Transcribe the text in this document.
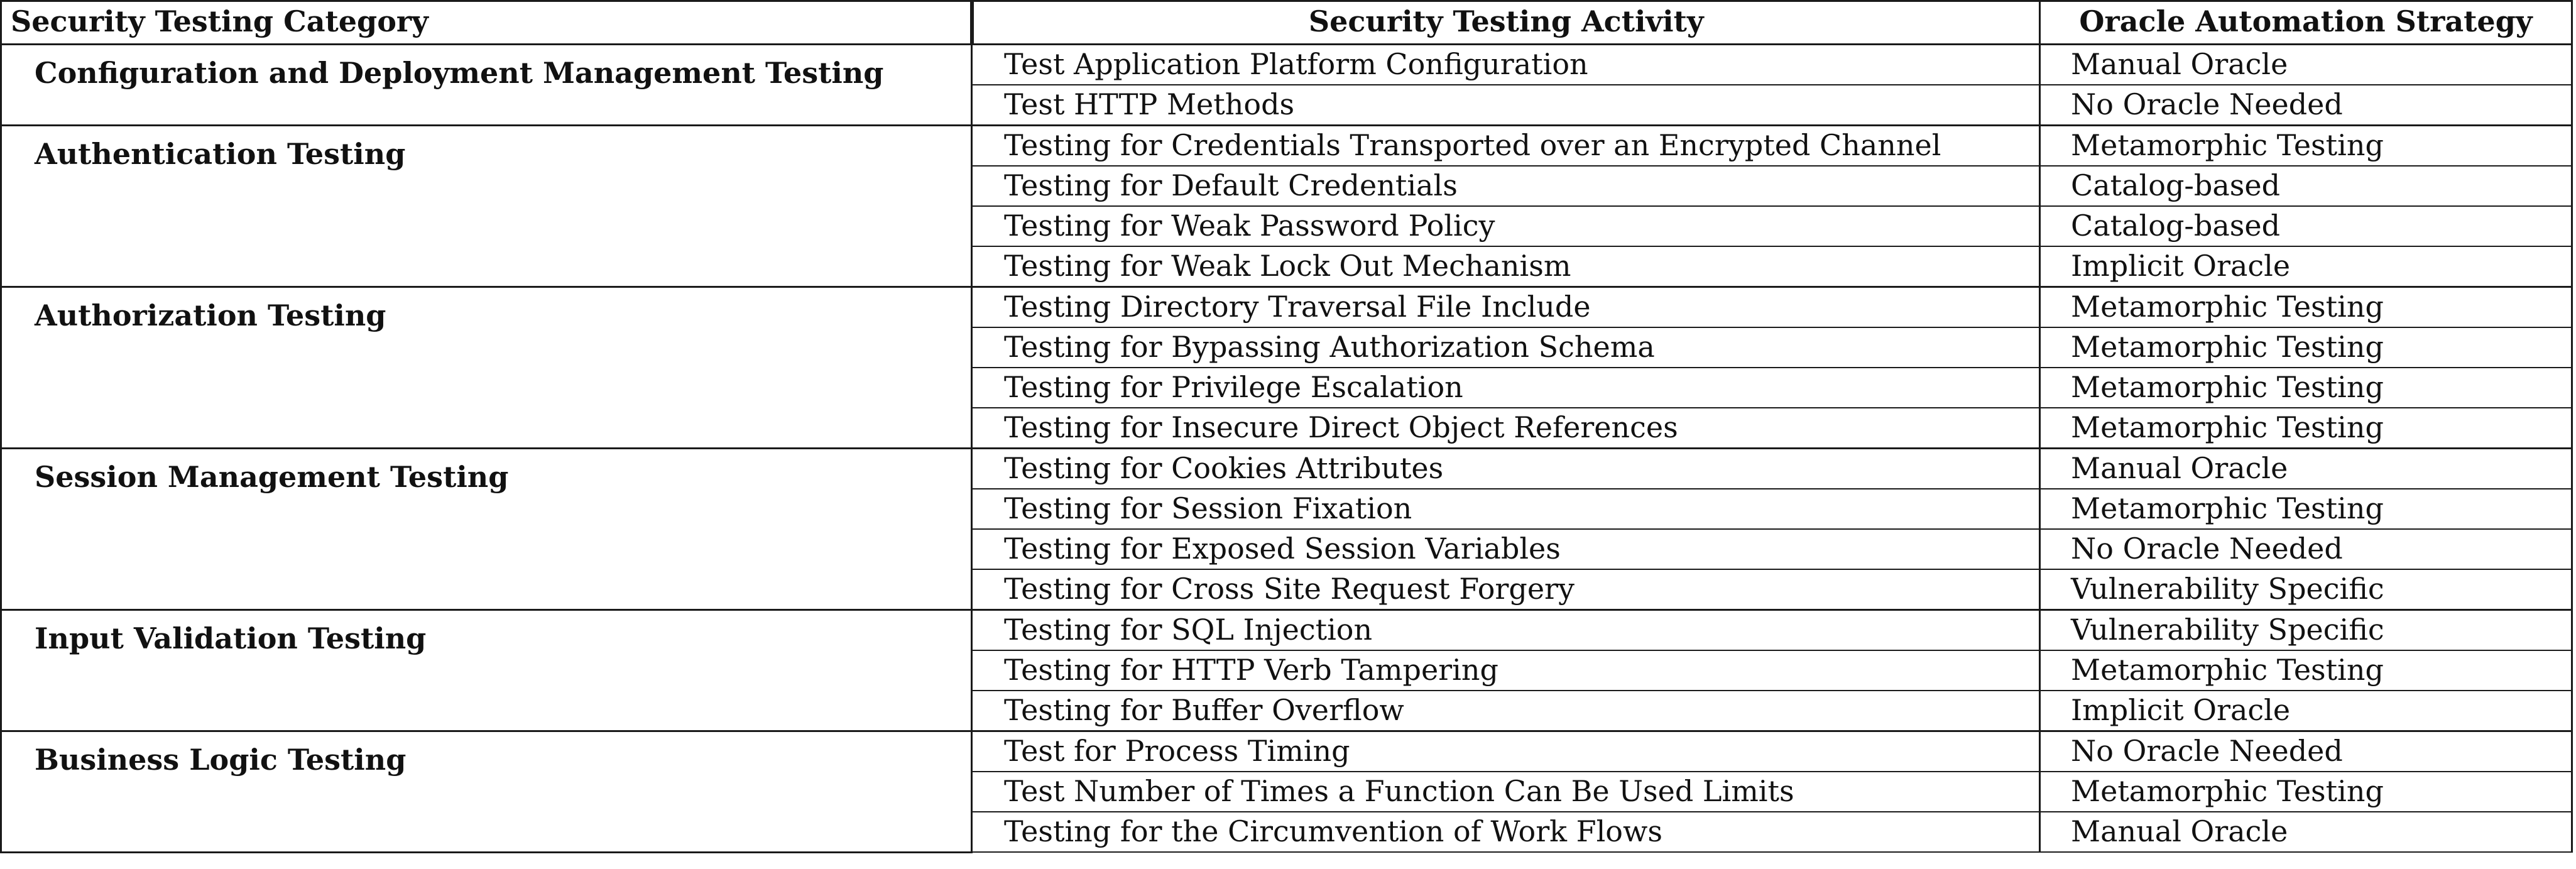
Security Testing Category	Security Testing Activity	Oracle Automation Strategy
Configuration and Deployment Management Testing	Test Application Platform Configuration	Manual Oracle
	Test HTTP Methods	No Oracle Needed
Authentication Testing	Testing for Credentials Transported over an Encrypted Channel	Metamorphic Testing
	Testing for Default Credentials	Catalog-based
	Testing for Weak Password Policy	Catalog-based
	Testing for Weak Lock Out Mechanism	Implicit Oracle
Authorization Testing	Testing Directory Traversal File Include	Metamorphic Testing
	Testing for Bypassing Authorization Schema	Metamorphic Testing
	Testing for Privilege Escalation	Metamorphic Testing
	Testing for Insecure Direct Object References	Metamorphic Testing
Session Management Testing	Testing for Cookies Attributes	Manual Oracle
	Testing for Session Fixation	Metamorphic Testing
	Testing for Exposed Session Variables	No Oracle Needed
	Testing for Cross Site Request Forgery	Vulnerability Specific
Input Validation Testing	Testing for SQL Injection	Vulnerability Specific
	Testing for HTTP Verb Tampering	Metamorphic Testing
	Testing for Buffer Overflow	Implicit Oracle
Business Logic Testing	Test for Process Timing	No Oracle Needed
	Test Number of Times a Function Can Be Used Limits	Metamorphic Testing
	Testing for the Circumvention of Work Flows	Manual Oracle
